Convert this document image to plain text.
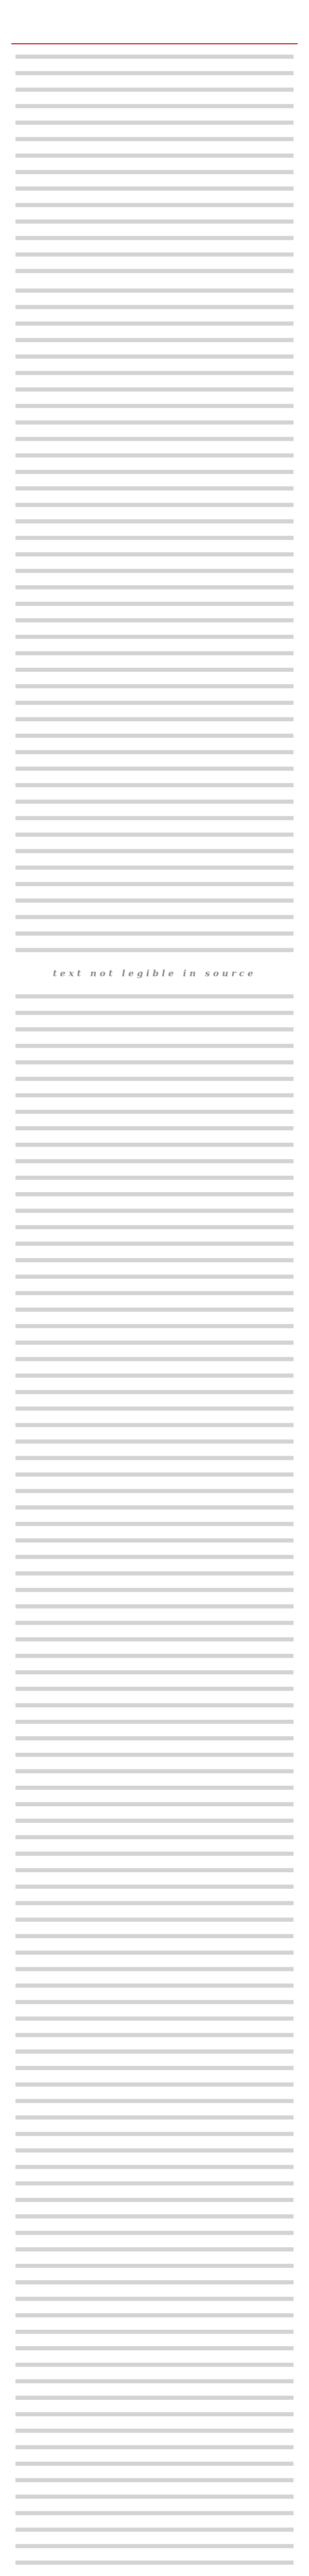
text not legible in source
